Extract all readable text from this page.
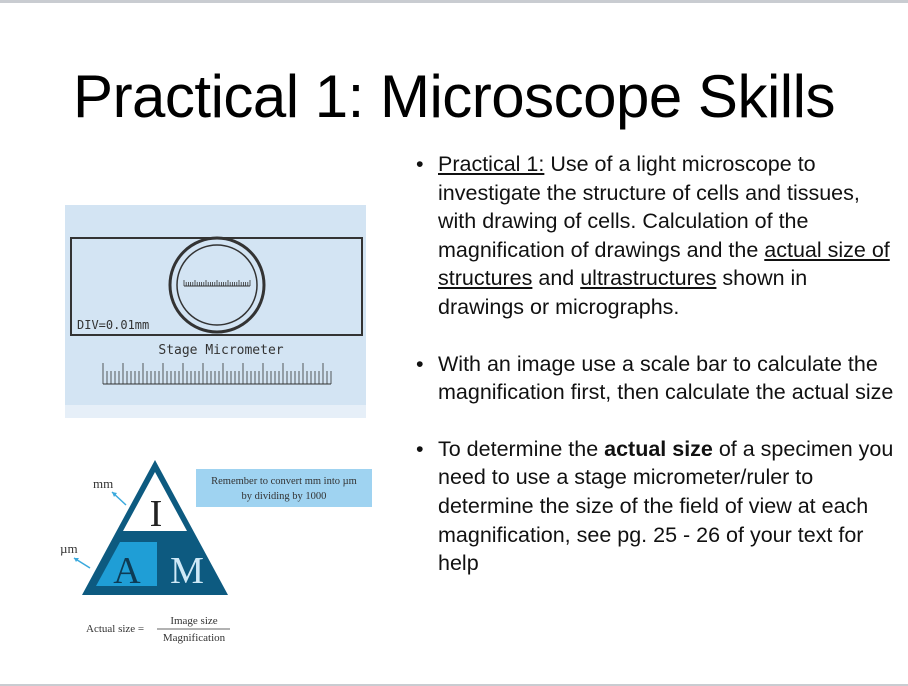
Practical 1: Microscope Skills
DIV=0.01mm
Stage Micrometer
I
A M
mm
µm
Remember to convert mm into µm
by dividing by 1000
Actual size =
Image size
Magnification
• Practical 1: Use of a light microscope to investigate the structure of cells and tissues, with drawing of cells. Calculation of the magnification of drawings and the actual size of structures and ultrastructures shown in drawings or micrographs.
• With an image use a scale bar to calculate the magnification first, then calculate the actual size
• To determine the actual size of a specimen you need to use a stage micrometer/ruler to determine the size of the field of view at each magnification, see pg. 25 - 26 of your text for help
